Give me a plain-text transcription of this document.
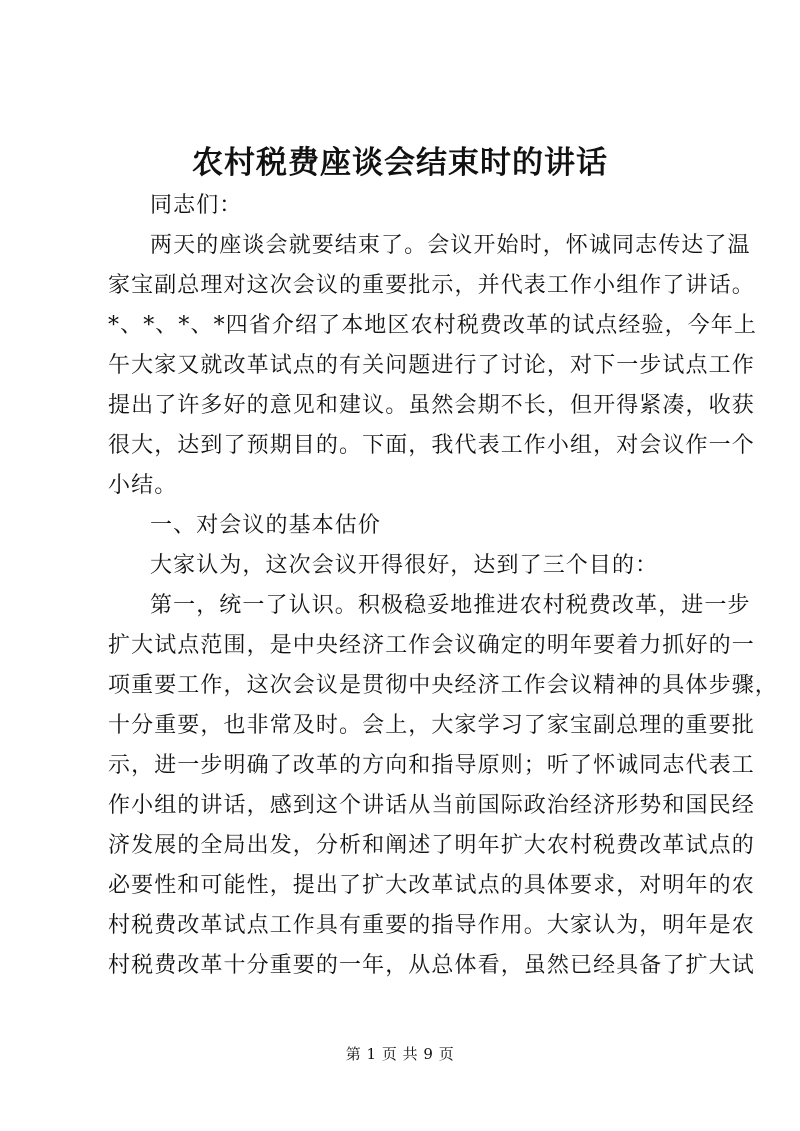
农村税费座谈会结束时的讲话
同志们：
两天的座谈会就要结束了。会议开始时，怀诚同志传达了温
家宝副总理对这次会议的重要批示，并代表工作小组作了讲话。
*、*、*、*四省介绍了本地区农村税费改革的试点经验，今年上
午大家又就改革试点的有关问题进行了讨论，对下一步试点工作
提出了许多好的意见和建议。虽然会期不长，但开得紧凑，收获
很大，达到了预期目的。下面，我代表工作小组，对会议作一个
小结。
一、对会议的基本估价
大家认为，这次会议开得很好，达到了三个目的：
第一，统一了认识。积极稳妥地推进农村税费改革，进一步
扩大试点范围，是中央经济工作会议确定的明年要着力抓好的一
项重要工作，这次会议是贯彻中央经济工作会议精神的具体步骤，
十分重要，也非常及时。会上，大家学习了家宝副总理的重要批
示，进一步明确了改革的方向和指导原则；听了怀诚同志代表工
作小组的讲话，感到这个讲话从当前国际政治经济形势和国民经
济发展的全局出发，分析和阐述了明年扩大农村税费改革试点的
必要性和可能性，提出了扩大改革试点的具体要求，对明年的农
村税费改革试点工作具有重要的指导作用。大家认为，明年是农
村税费改革十分重要的一年，从总体看，虽然已经具备了扩大试
第 1 页 共 9 页
